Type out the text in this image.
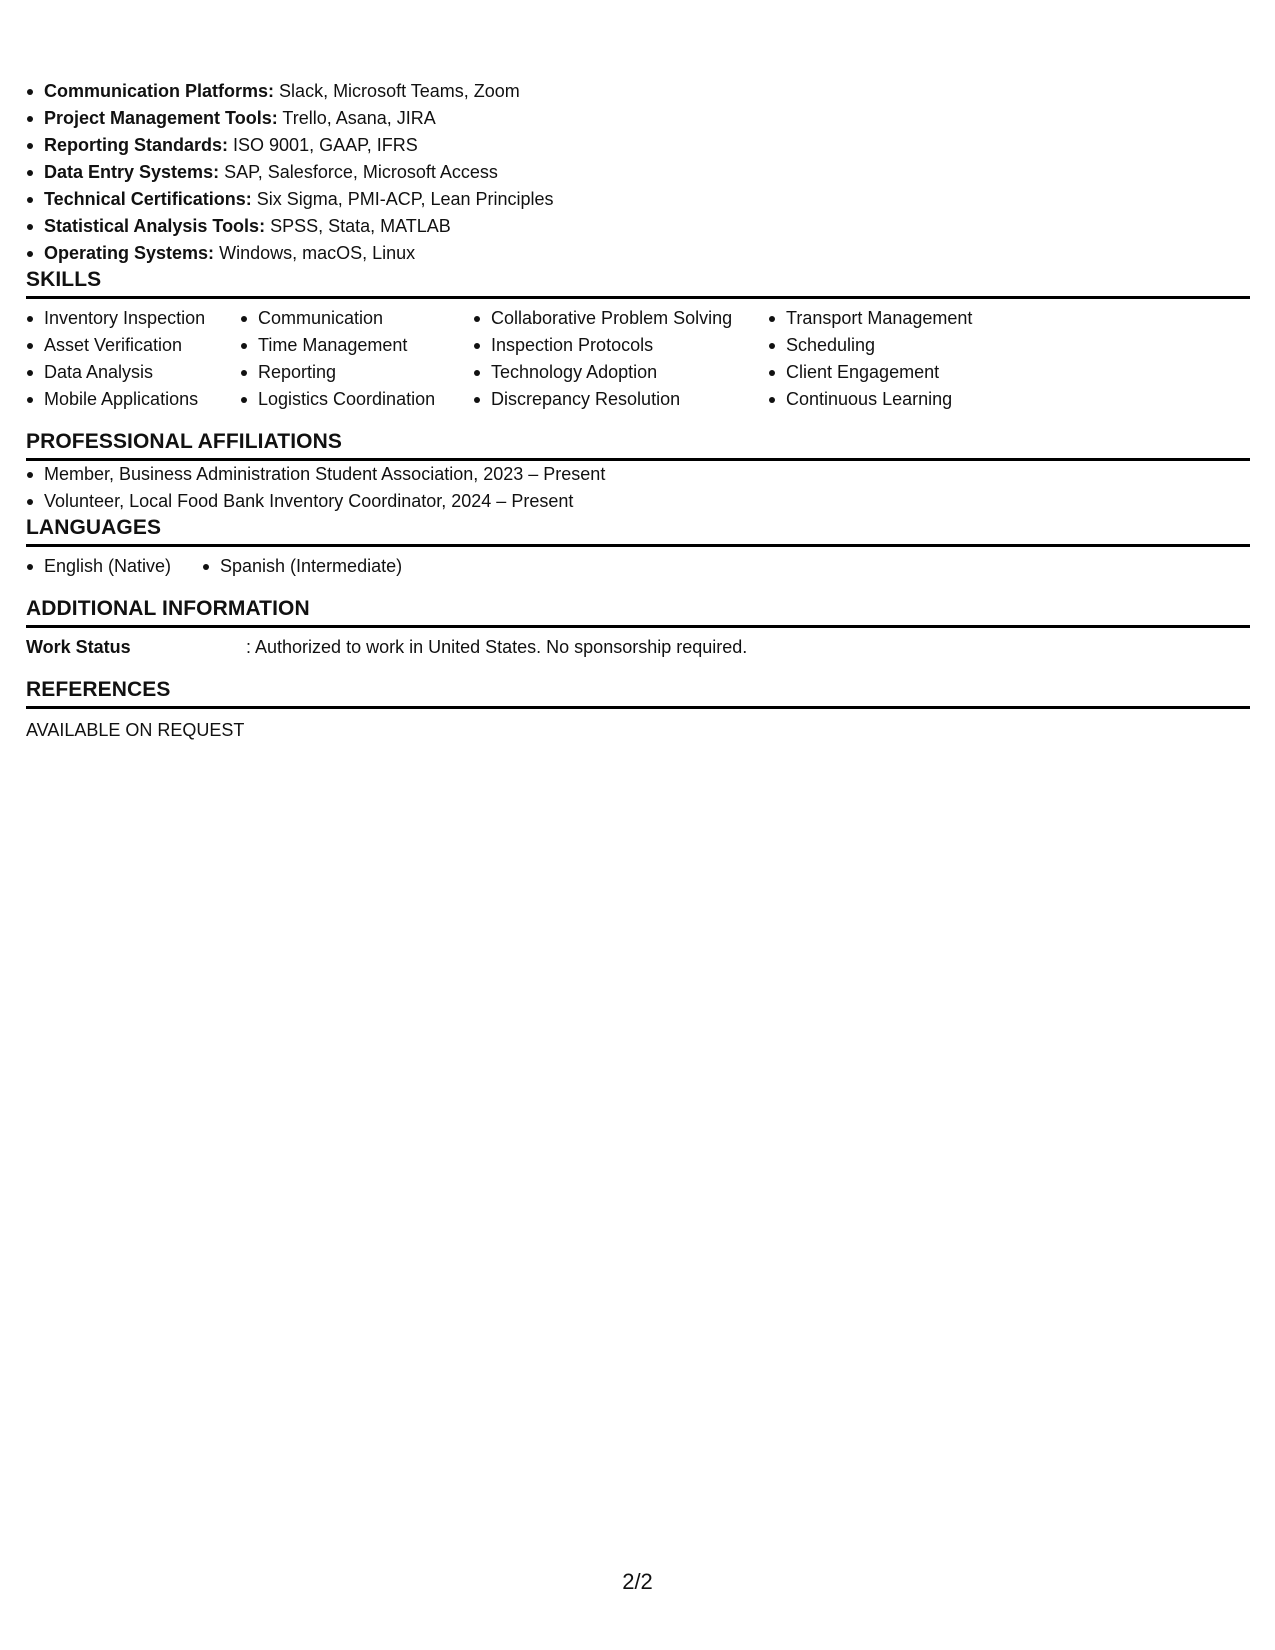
Communication Platforms: Slack, Microsoft Teams, Zoom
Project Management Tools: Trello, Asana, JIRA
Reporting Standards: ISO 9001, GAAP, IFRS
Data Entry Systems: SAP, Salesforce, Microsoft Access
Technical Certifications: Six Sigma, PMI-ACP, Lean Principles
Statistical Analysis Tools: SPSS, Stata, MATLAB
Operating Systems: Windows, macOS, Linux
SKILLS
Inventory Inspection
Asset Verification
Data Analysis
Mobile Applications
Communication
Time Management
Reporting
Logistics Coordination
Collaborative Problem Solving
Inspection Protocols
Technology Adoption
Discrepancy Resolution
Transport Management
Scheduling
Client Engagement
Continuous Learning
PROFESSIONAL AFFILIATIONS
Member, Business Administration Student Association, 2023 – Present
Volunteer, Local Food Bank Inventory Coordinator, 2024 – Present
LANGUAGES
English (Native)	Spanish (Intermediate)
ADDITIONAL INFORMATION
Work Status	: Authorized to work in United States. No sponsorship required.
REFERENCES
AVAILABLE ON REQUEST
2/2
